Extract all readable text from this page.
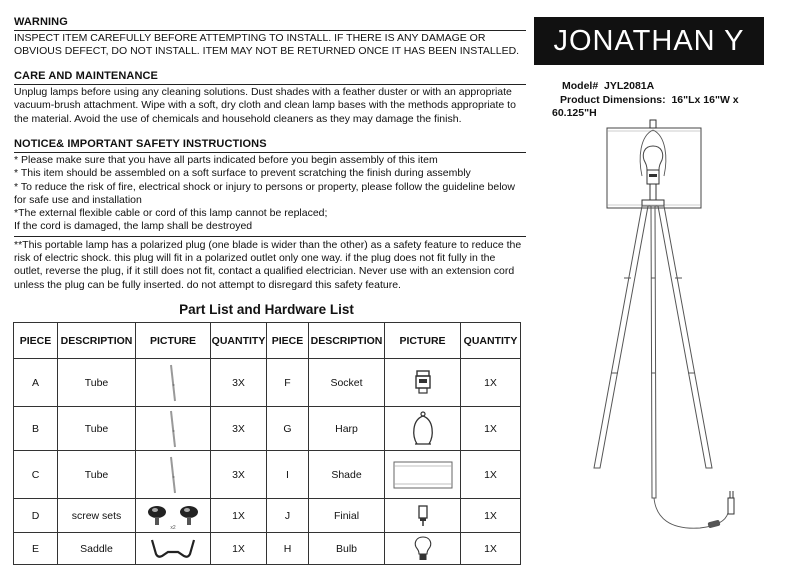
WARNING

INSPECT ITEM CAREFULLY BEFORE ATTEMPTING TO INSTALL. IF THERE IS ANY DAMAGE OR OBVIOUS DEFECT, DO NOT INSTALL. ITEM MAY NOT BE RETURNED ONCE IT HAS BEEN INSTALLED.

CARE AND MAINTENANCE

Unplug lamps before using any cleaning solutions. Dust shades with a feather duster or with an appropriate vacuum-brush attachment. Wipe with a soft, dry cloth and clean lamp bases with the methods appropriate to the material. Avoid the use of chemicals and household cleaners as they may damage the finish.

NOTICE& IMPORTANT SAFETY INSTRUCTIONS

* Please make sure that you have all parts indicated before you begin assembly of this item

* This item should be assembled on a soft surface to prevent scratching the finish during assembly

* To reduce the risk of fire, electrical shock or injury to persons or property, please follow the guideline below for safe use and installation

*The external flexible cable or cord of this lamp cannot be replaced;

If the cord is damaged, the lamp shall be destroyed

**This portable lamp has a polarized plug (one blade is wider than the other) as a safety feature to reduce the risk of electric shock. this plug will fit in a polarized outlet only one way. if the plug does not fit fully in the outlet, reverse the plug, if it still does not fit, contact a qualified electrician. Never use with an extension cord unless the plug can be fully inserted. do not attempt to disregard this safety feature.

Part List and Hardware List
PIECE	DESCRIPTION	PICTURE	QUANTITY	PIECE	DESCRIPTION	PICTURE	QUANTITY
A	Tube		3X	F	Socket		1X
B	Tube		3X	G	Harp		1X
C	Tube		3X	I	Shade		1X
D	screw sets	x2	1X	J	Finial		1X
E	Saddle		1X	H	Bulb		1X
JONATHAN Y
Model# JYL2081A
Product Dimensions: 16"Lx 16"W x
60.125"H
